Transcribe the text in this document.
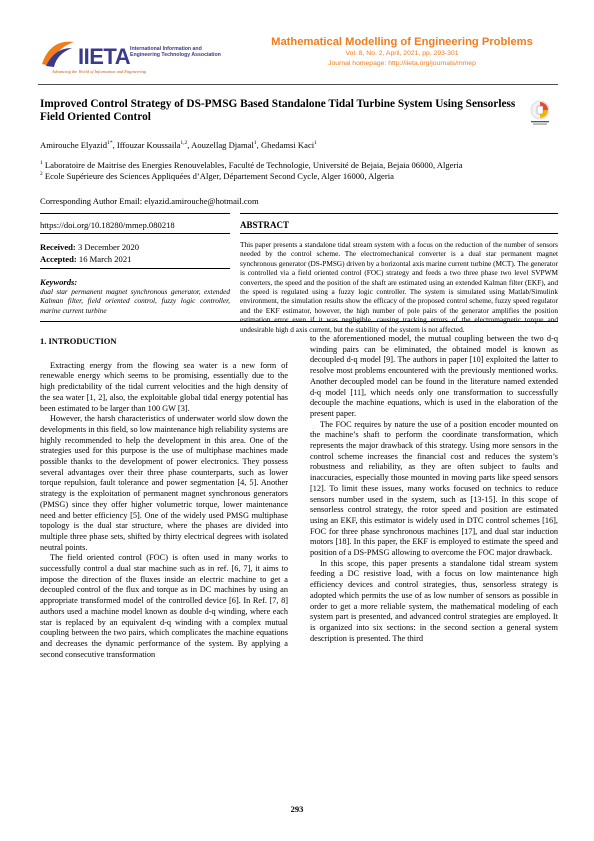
IIETA International Information and
Engineering Technology Association
Advancing the World of Information and Engineering
Mathematical Modelling of Engineering Problems
Vol. 8, No. 2, April, 2021, pp. 293-301
Journal homepage: http://iieta.org/journals/mmep
Improved Control Strategy of DS-PMSG Based Standalone Tidal Turbine System Using Sensorless Field Oriented Control
Amirouche Elyazid$^{1*}$, Iffouzar Koussaila$^{1,2}$, Aouzellag Djamal$^1$, Ghedamsi Kaci$^1$
$^1$ Laboratoire de Maitrise des Energies Renouvelables, Faculté de Technologie, Université de Bejaia, Bejaia 06000, Algeria
$^2$ Ecole Supérieure des Sciences Appliquées d’Alger, Département Second Cycle, Alger 16000, Algeria
Corresponding Author Email: elyazid.amirouche@hotmail.com
https://doi.org/10.18280/mmep.080218	ABSTRACT
Received: 3 December 2020
Accepted: 16 March 2021
Keywords:
dual star permanent magnet synchronous generator, extended Kalman filter, field oriented control, fuzzy logic controller, marine current turbine
This paper presents a standalone tidal stream system with a focus on the reduction of the number of sensors needed by the control scheme. The electromechanical converter is a dual star permanent magnet synchronous generator (DS-PMSG) driven by a horizontal axis marine current turbine (MCT). The generator is controlled via a field oriented control (FOC) strategy and feeds a two three phase two level SVPWM converters, the speed and the position of the shaft are estimated using an extended Kalman filter (EKF), and the speed is regulated using a fuzzy logic controller. The system is simulated using Matlab/Simulink environment, the simulation results show the efficacy of the proposed control scheme, fuzzy speed regulator and the EKF estimator, however, the high number of pole pairs of the generator amplifies the position estimation error even if it was negligible, causing tracking errors of the electromagnetic torque and undesirable high d axis current, but the stability of the system is not affected.
1. INTRODUCTION

Extracting energy from the flowing sea water is a new form of renewable energy which seems to be promising, essentially due to the high predictability of the tidal current velocities and the high density of the sea water [1, 2], also, the exploitable global tidal energy potential has been estimated to be larger than 100 GW [3].

However, the harsh characteristics of underwater world slow down the developments in this field, so low maintenance high reliability systems are highly recommended to help the development in this area. One of the strategies used for this purpose is the use of multiphase machines made possible thanks to the development of power electronics. They possess several advantages over their three phase counterparts, such as lower torque repulsion, fault tolerance and power segmentation [4, 5]. Another strategy is the exploitation of permanent magnet synchronous generators (PMSG) since they offer higher volumetric torque, lower maintenance need and better efficiency [5]. One of the widely used PMSG multiphase topology is the dual star structure, where the phases are divided into multiple three phase sets, shifted by thirty electrical degrees with isolated neutral points.

The field oriented control (FOC) is often used in many works to successfully control a dual star machine such as in ref. [6, 7], it aims to impose the direction of the fluxes inside an electric machine to get a decoupled control of the flux and torque as in DC machines by using an appropriate transformed model of the controlled device [6]. In Ref. [7, 8] authors used a machine model known as double d-q winding, where each star is replaced by an equivalent d-q winding with a complex mutual coupling between the two pairs, which complicates the machine equations and decreases the dynamic performance of the system. By applying a second consecutive transformation

to the aforementioned model, the mutual coupling between the two d-q winding pairs can be eliminated, the obtained model is known as decoupled d-q model [9]. The authors in paper [10] exploited the latter to resolve most problems encountered with the previously mentioned works. Another decoupled model can be found in the literature named extended d-q model [11], which needs only one transformation to successfully decouple the machine equations, which is used in the elaboration of the present paper.

The FOC requires by nature the use of a position encoder mounted on the machine’s shaft to perform the coordinate transformation, which represents the major drawback of this strategy. Using more sensors in the control scheme increases the financial cost and reduces the system’s robustness and reliability, as they are often subject to faults and inaccuracies, especially those mounted in moving parts like speed sensors [12]. To limit these issues, many works focused on technics to reduce sensors number used in the system, such as [13-15]. In this scope of sensorless control strategy, the rotor speed and position are estimated using an EKF, this estimator is widely used in DTC control schemes [16], FOC for three phase synchronous machines [17], and dual star induction motors [18]. In this paper, the EKF is employed to estimate the speed and position of a DS-PMSG allowing to overcome the FOC major drawback.

In this scope, this paper presents a standalone tidal stream system feeding a DC resistive load, with a focus on low maintenance high efficiency devices and control strategies, thus, sensorless strategy is adopted which permits the use of as low number of sensors as possible in order to get a more reliable system, the mathematical modeling of each system part is presented, and advanced control strategies are employed. It is organized into six sections: in the second section a general system description is presented. The third

293
